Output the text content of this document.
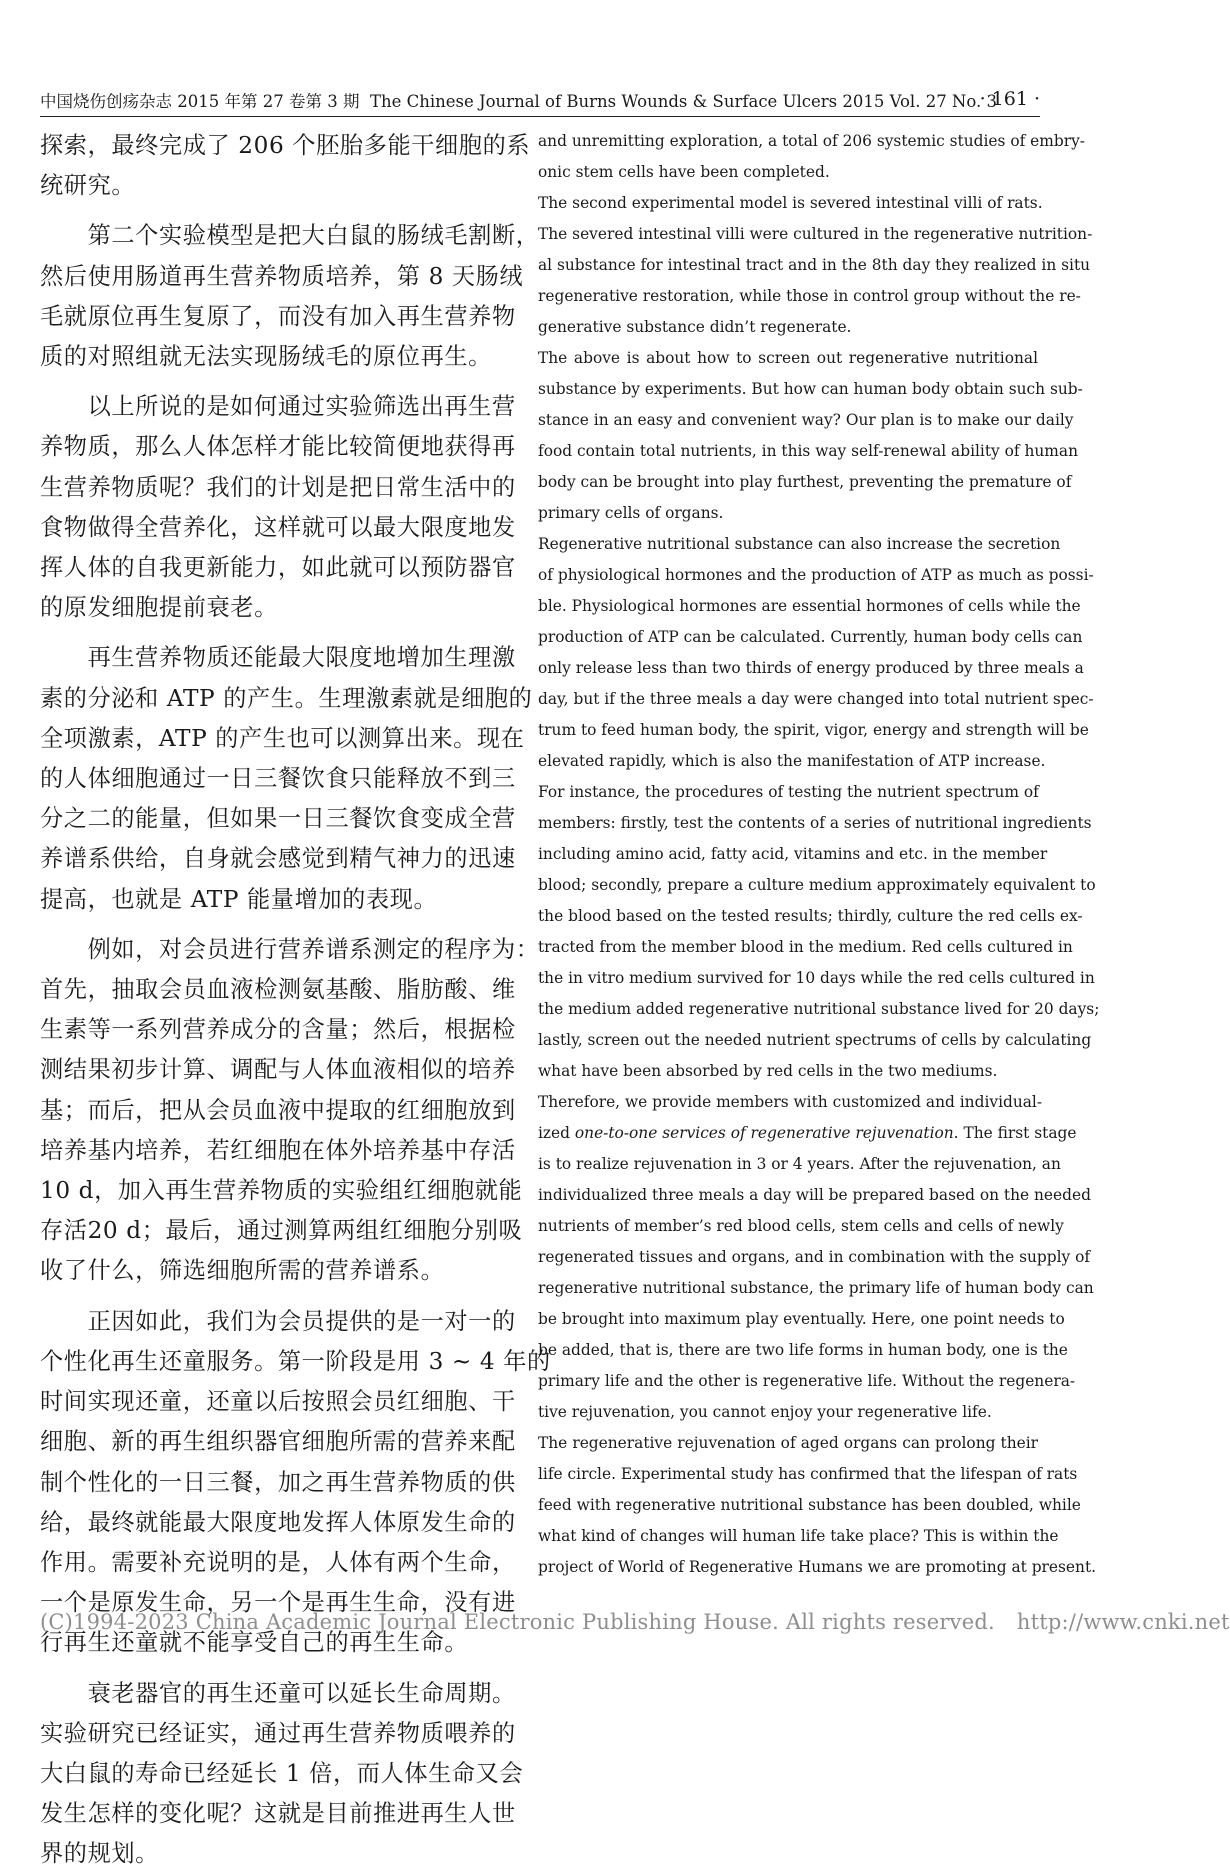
中国烧伤创疡杂志 2015 年第 27 卷第 3 期 The Chinese Journal of Burns Wounds & Surface Ulcers 2015 Vol. 27 No. 3
· 161 ·

探索，最终完成了 206 个胚胎多能干细胞的系
统研究。

　　第二个实验模型是把大白鼠的肠绒毛割断，
然后使用肠道再生营养物质培养，第 8 天肠绒
毛就原位再生复原了，而没有加入再生营养物
质的对照组就无法实现肠绒毛的原位再生。

　　以上所说的是如何通过实验筛选出再生营
养物质，那么人体怎样才能比较简便地获得再
生营养物质呢？我们的计划是把日常生活中的
食物做得全营养化，这样就可以最大限度地发
挥人体的自我更新能力，如此就可以预防器官
的原发细胞提前衰老。

　　再生营养物质还能最大限度地增加生理激
素的分泌和 ATP 的产生。生理激素就是细胞的
全项激素，ATP 的产生也可以测算出来。现在
的人体细胞通过一日三餐饮食只能释放不到三
分之二的能量，但如果一日三餐饮食变成全营
养谱系供给，自身就会感觉到精气神力的迅速
提高，也就是 ATP 能量增加的表现。

　　例如，对会员进行营养谱系测定的程序为：
首先，抽取会员血液检测氨基酸、脂肪酸、维
生素等一系列营养成分的含量；然后，根据检
测结果初步计算、调配与人体血液相似的培养
基；而后，把从会员血液中提取的红细胞放到
培养基内培养，若红细胞在体外培养基中存活
10 d，加入再生营养物质的实验组红细胞就能
存活20 d；最后，通过测算两组红细胞分别吸
收了什么，筛选细胞所需的营养谱系。

　　正因如此，我们为会员提供的是一对一的
个性化再生还童服务。第一阶段是用 3 ~ 4 年的
时间实现还童，还童以后按照会员红细胞、干
细胞、新的再生组织器官细胞所需的营养来配
制个性化的一日三餐，加之再生营养物质的供
给，最终就能最大限度地发挥人体原发生命的
作用。需要补充说明的是，人体有两个生命，
一个是原发生命，另一个是再生生命，没有进
行再生还童就不能享受自己的再生生命。

　　衰老器官的再生还童可以延长生命周期。
实验研究已经证实，通过再生营养物质喂养的
大白鼠的寿命已经延长 1 倍，而人体生命又会
发生怎样的变化呢？这就是目前推进再生人世
界的规划。

and unremitting exploration, a total of 206 systemic studies of embry-
onic stem cells have been completed.

The second experimental model is severed intestinal villi of rats.
The severed intestinal villi were cultured in the regenerative nutrition-
al substance for intestinal tract and in the 8th day they realized in situ
regenerative restoration, while those in control group without the re-
generative substance didn’t regenerate.

The above is about how to screen out regenerative nutritional
substance by experiments. But how can human body obtain such sub-
stance in an easy and convenient way? Our plan is to make our daily
food contain total nutrients, in this way self-renewal ability of human
body can be brought into play furthest, preventing the premature of
primary cells of organs.

Regenerative nutritional substance can also increase the secretion
of physiological hormones and the production of ATP as much as possi-
ble. Physiological hormones are essential hormones of cells while the
production of ATP can be calculated. Currently, human body cells can
only release less than two thirds of energy produced by three meals a
day, but if the three meals a day were changed into total nutrient spec-
trum to feed human body, the spirit, vigor, energy and strength will be
elevated rapidly, which is also the manifestation of ATP increase.

For instance, the procedures of testing the nutrient spectrum of
members: firstly, test the contents of a series of nutritional ingredients
including amino acid, fatty acid, vitamins and etc. in the member
blood; secondly, prepare a culture medium approximately equivalent to
the blood based on the tested results; thirdly, culture the red cells ex-
tracted from the member blood in the medium. Red cells cultured in
the in vitro medium survived for 10 days while the red cells cultured in
the medium added regenerative nutritional substance lived for 20 days;
lastly, screen out the needed nutrient spectrums of cells by calculating
what have been absorbed by red cells in the two mediums.

Therefore, we provide members with customized and individual-
ized one-to-one services of regenerative rejuvenation. The first stage
is to realize rejuvenation in 3 or 4 years. After the rejuvenation, an
individualized three meals a day will be prepared based on the needed
nutrients of member’s red blood cells, stem cells and cells of newly
regenerated tissues and organs, and in combination with the supply of
regenerative nutritional substance, the primary life of human body can
be brought into maximum play eventually. Here, one point needs to
be added, that is, there are two life forms in human body, one is the
primary life and the other is regenerative life. Without the regenera-
tive rejuvenation, you cannot enjoy your regenerative life.

The regenerative rejuvenation of aged organs can prolong their
life circle. Experimental study has confirmed that the lifespan of rats
feed with regenerative nutritional substance has been doubled, while
what kind of changes will human life take place? This is within the
project of World of Regenerative Humans we are promoting at present.

(C)1994-2023 China Academic Journal Electronic Publishing House. All rights reserved. http://www.cnki.net
